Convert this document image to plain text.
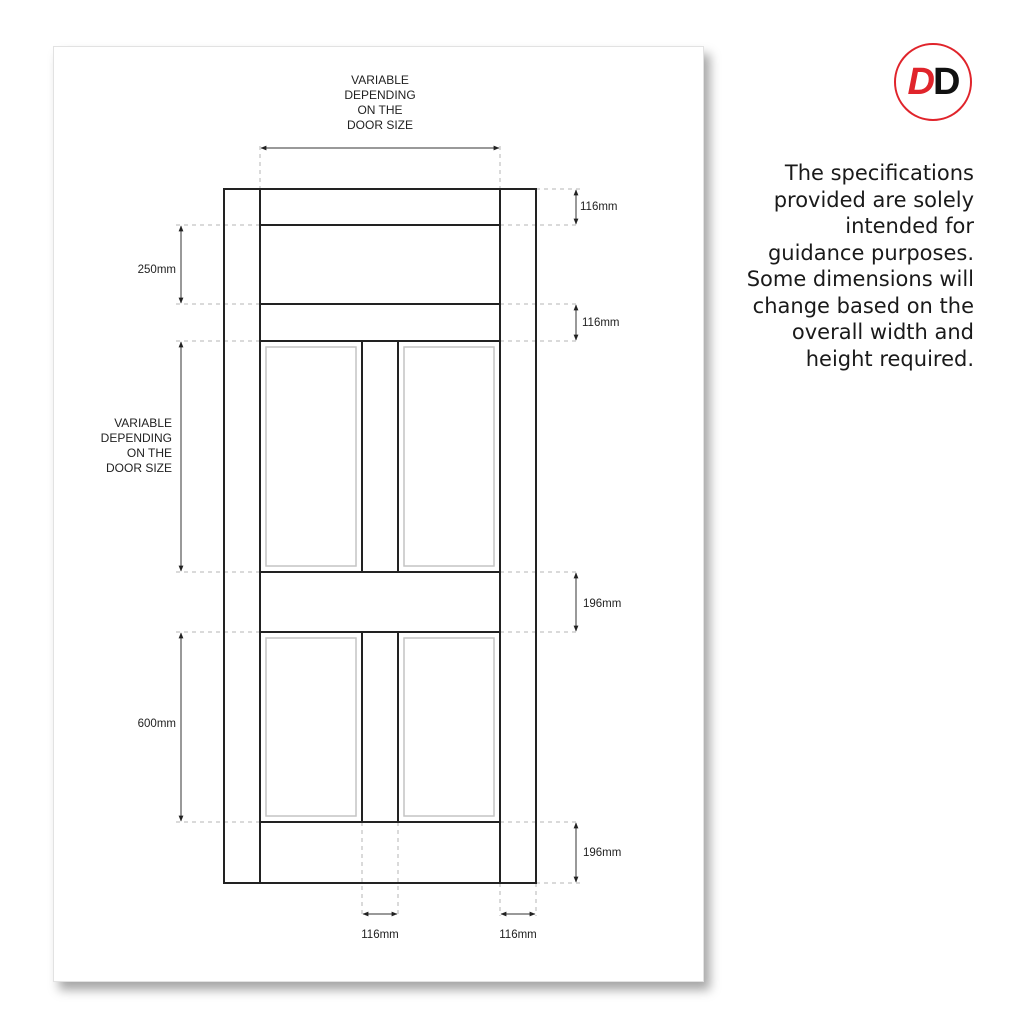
VARIABLE
DEPENDING
ON THE
DOOR SIZE
VARIABLE
DEPENDING
ON THE
DOOR SIZE
250mm
600mm
116mm
116mm
196mm
196mm
116mm	116mm
D D
The specifications
provided are solely
intended for
guidance purposes.
Some dimensions will
change based on the
overall width and
height required.
